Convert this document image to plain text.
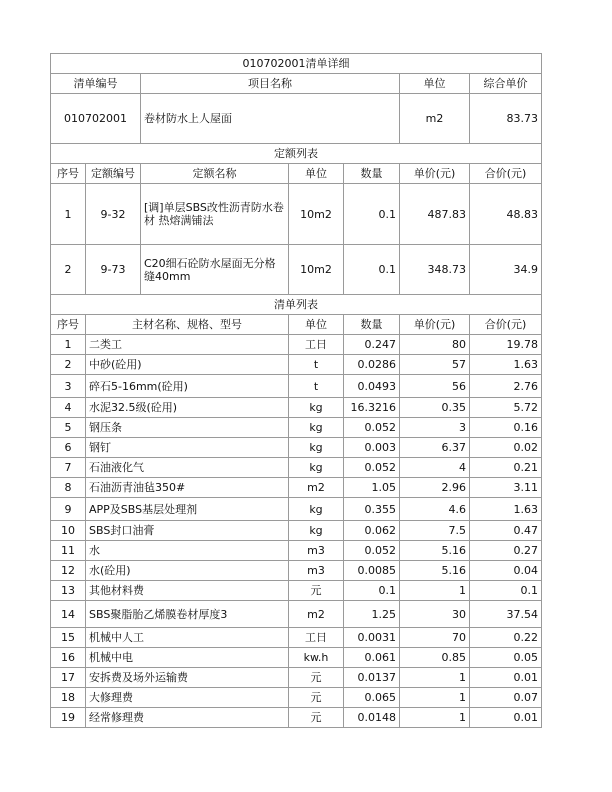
010702001清单详细						
清单编号		项目名称			单位	综合单价
010702001		卷材防水上人屋面			m2	83.73
定额列表						
序号	定额编号	定额名称	单位	数量	单价(元)	合价(元)
1	9-32	[调]单层SBS改性沥青防水卷材 热熔满铺法	10m2	0.1	487.83	48.83
2	9-73	C20细石砼防水屋面无分格缝40mm	10m2	0.1	348.73	34.9
清单列表						
序号	主材名称、规格、型号		单位	数量	单价(元)	合价(元)
1	二类工		工日	0.247	80	19.78
2	中砂(砼用)		t	0.0286	57	1.63
3	碎石5-16mm(砼用)		t	0.0493	56	2.76
4	水泥32.5级(砼用)		kg	16.3216	0.35	5.72
5	钢压条		kg	0.052	3	0.16
6	钢钉		kg	0.003	6.37	0.02
7	石油液化气		kg	0.052	4	0.21
8	石油沥青油毡350#		m2	1.05	2.96	3.11
9	APP及SBS基层处理剂		kg	0.355	4.6	1.63
10	SBS封口油膏		kg	0.062	7.5	0.47
11	水		m3	0.052	5.16	0.27
12	水(砼用)		m3	0.0085	5.16	0.04
13	其他材料费		元	0.1	1	0.1
14	SBS聚脂胎乙烯膜卷材厚度3		m2	1.25	30	37.54
15	机械中人工		工日	0.0031	70	0.22
16	机械中电		kw.h	0.061	0.85	0.05
17	安拆费及场外运输费		元	0.0137	1	0.01
18	大修理费		元	0.065	1	0.07
19	经常修理费		元	0.0148	1	0.01
